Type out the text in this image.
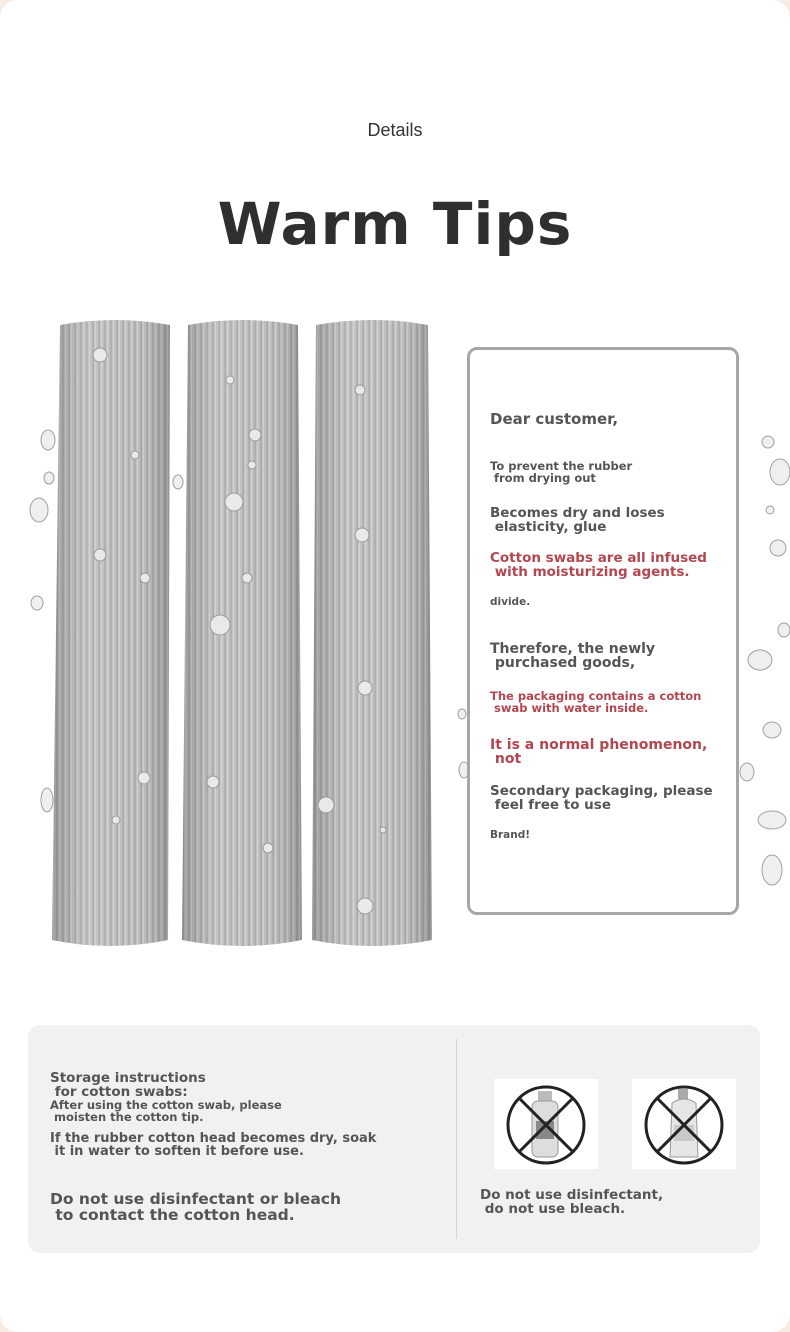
Details
Warm Tips
Dear customer,
To prevent the rubber
from drying out
Becomes dry and loses
elasticity, glue
Cotton swabs are all infused
with moisturizing agents.
divide.
Therefore, the newly
purchased goods,
The packaging contains a cotton
swab with water inside.
It is a normal phenomenon,
not
Secondary packaging, please
feel free to use
Brand!
Storage instructions
for cotton swabs:
After using the cotton swab, please
moisten the cotton tip.
If the rubber cotton head becomes dry, soak
it in water to soften it before use.
Do not use disinfectant or bleach
to contact the cotton head.
Do not use disinfectant,
do not use bleach.
